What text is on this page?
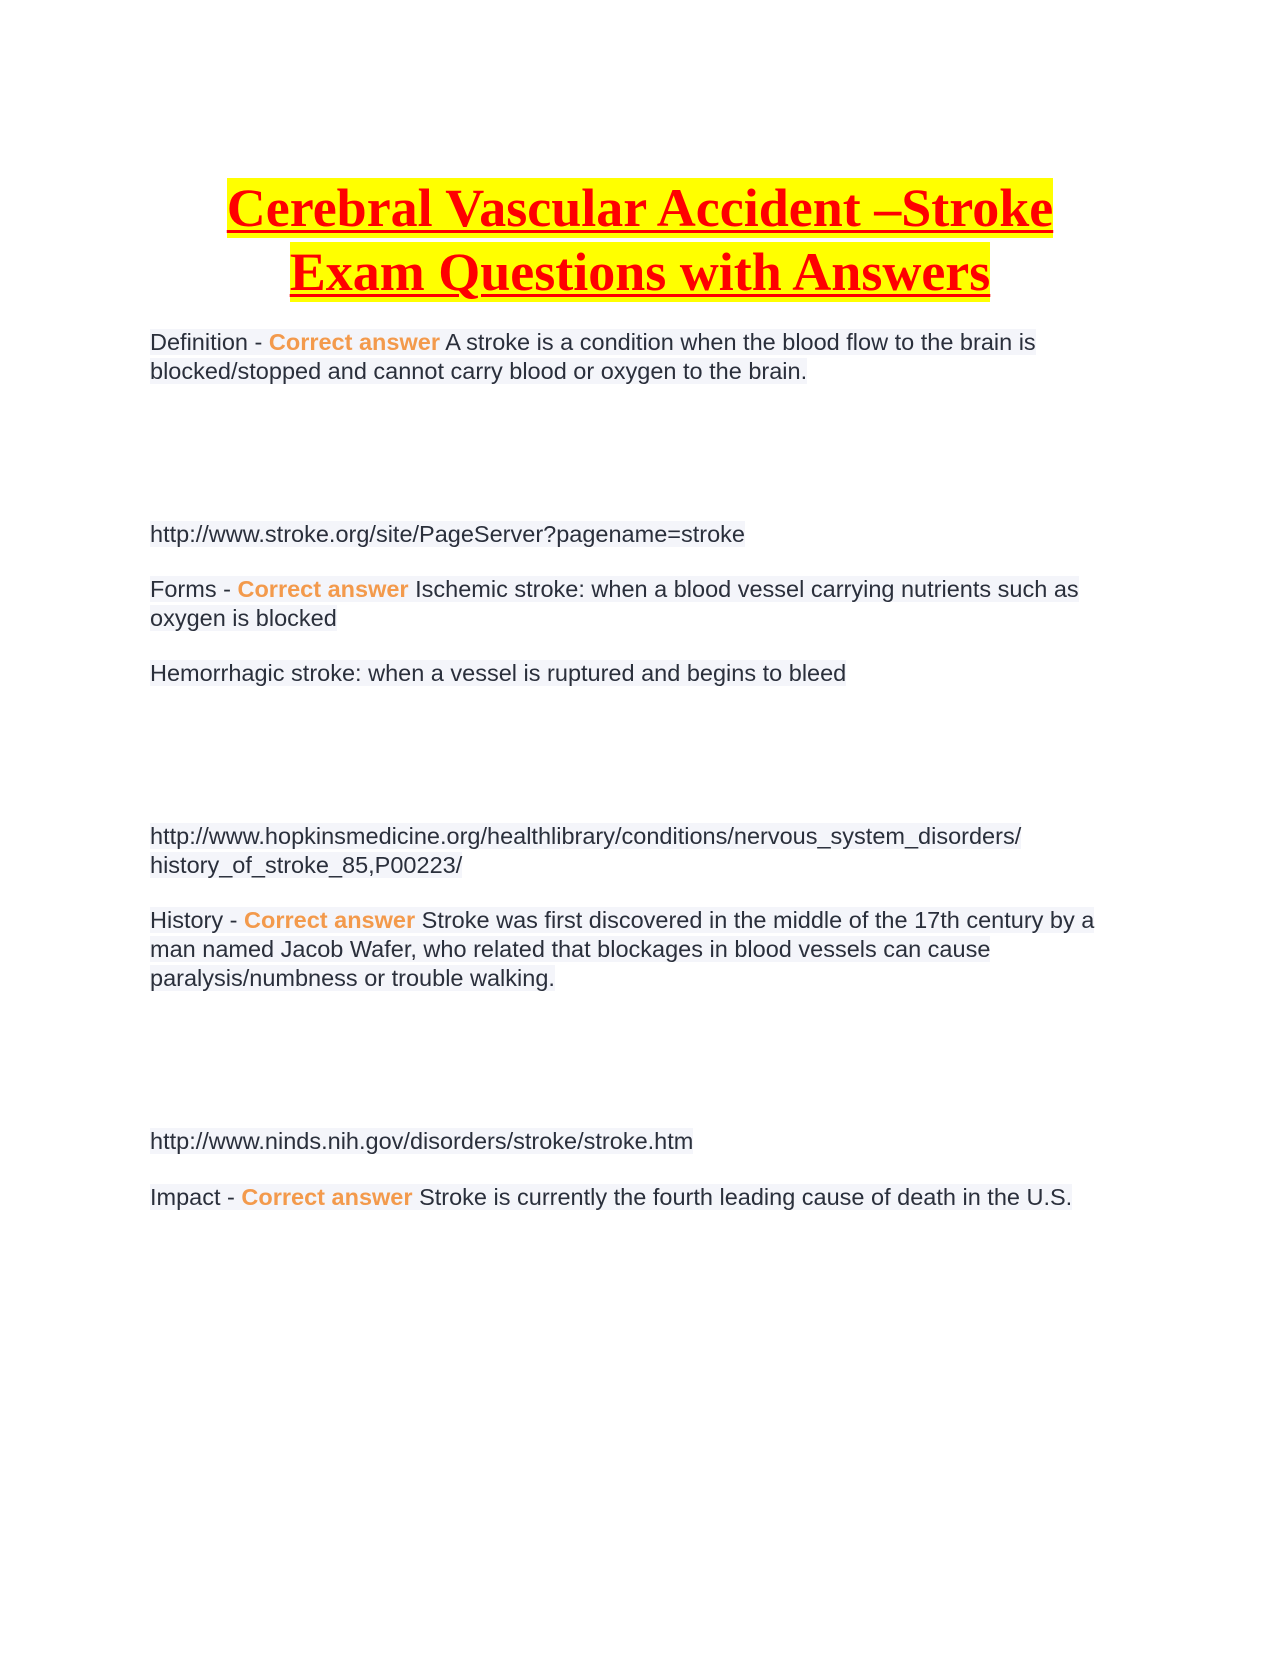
Cerebral Vascular Accident –Stroke
Exam Questions with Answers

Definition - Correct answer A stroke is a condition when the blood flow to the brain is blocked/stopped and cannot carry blood or oxygen to the brain.

http://www.stroke.org/site/PageServer?pagename=stroke

Forms - Correct answer Ischemic stroke: when a blood vessel carrying nutrients such as oxygen is blocked

Hemorrhagic stroke: when a vessel is ruptured and begins to bleed

http://www.hopkinsmedicine.org/healthlibrary/conditions/nervous_system_disorders/
history_of_stroke_85,P00223/

History - Correct answer Stroke was first discovered in the middle of the 17th century by a man named Jacob Wafer, who related that blockages in blood vessels can cause paralysis/numbness or trouble walking.

http://www.ninds.nih.gov/disorders/stroke/stroke.htm

Impact - Correct answer Stroke is currently the fourth leading cause of death in the U.S.
